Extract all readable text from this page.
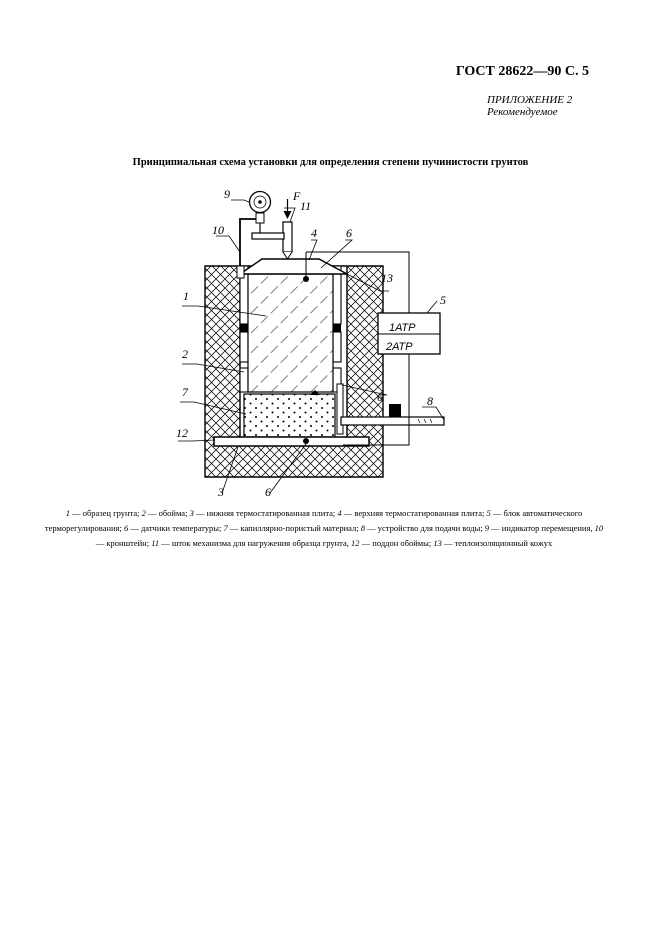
ГОСТ 28622—90 С. 5
ПРИЛОЖЕНИЕ 2
Рекомендуемое
Принципиальная схема установки для определения степени пучинистости грунтов
1
2
3
4
5
6
6
6
7
8
9
10
11
12
13
F
1АТР
2АТР
1 — образец грунта; 2 — обойма; 3 — нижняя термостатированная плита; 4 — верхняя термостатированная плита; 5 — блок автоматического терморегулирования; 6 — датчики температуры; 7 — капиллярно-пористый материал; 8 — устройство для подачи воды; 9 — индикатор перемещения, 10 — кронштейн; 11 — шток механизма для нагружения образца грунта, 12 — поддон обоймы; 13 — теплоизоляционный кожух
